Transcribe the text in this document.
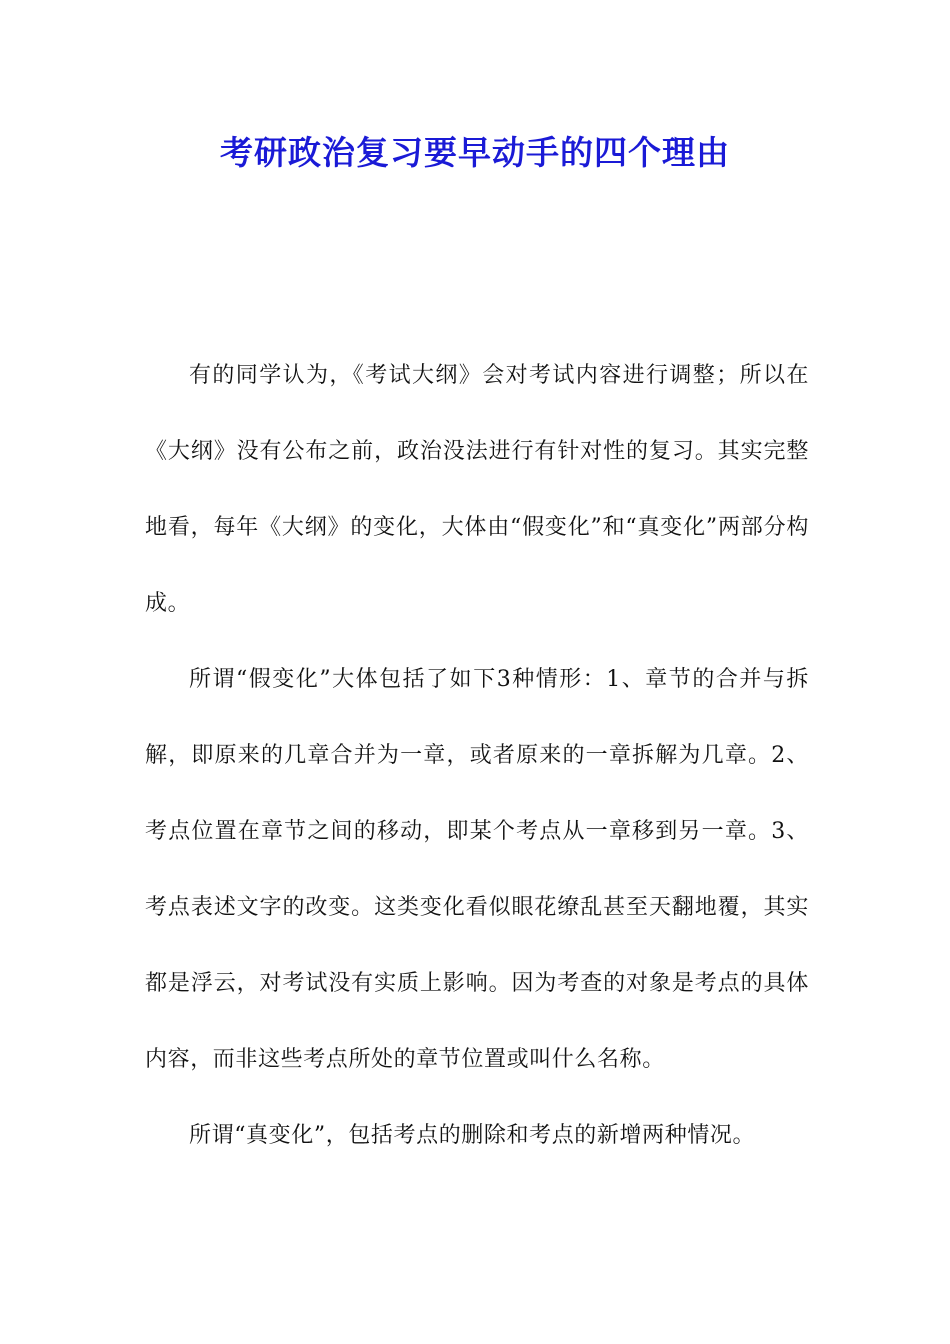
考研政治复习要早动手的四个理由

有的同学认为，《考试大纲》会对考试内容进行调整；所以在《大纲》没有公布之前，政治没法进行有针对性的复习。其实完整地看，每年《大纲》的变化，大体由“假变化”和“真变化”两部分构成。

所谓“假变化”大体包括了如下3种情形：1、章节的合并与拆解，即原来的几章合并为一章，或者原来的一章拆解为几章。2、考点位置在章节之间的移动，即某个考点从一章移到另一章。3、考点表述文字的改变。这类变化看似眼花缭乱甚至天翻地覆，其实都是浮云，对考试没有实质上影响。因为考查的对象是考点的具体内容，而非这些考点所处的章节位置或叫什么名称。

所谓“真变化”，包括考点的删除和考点的新增两种情况。
